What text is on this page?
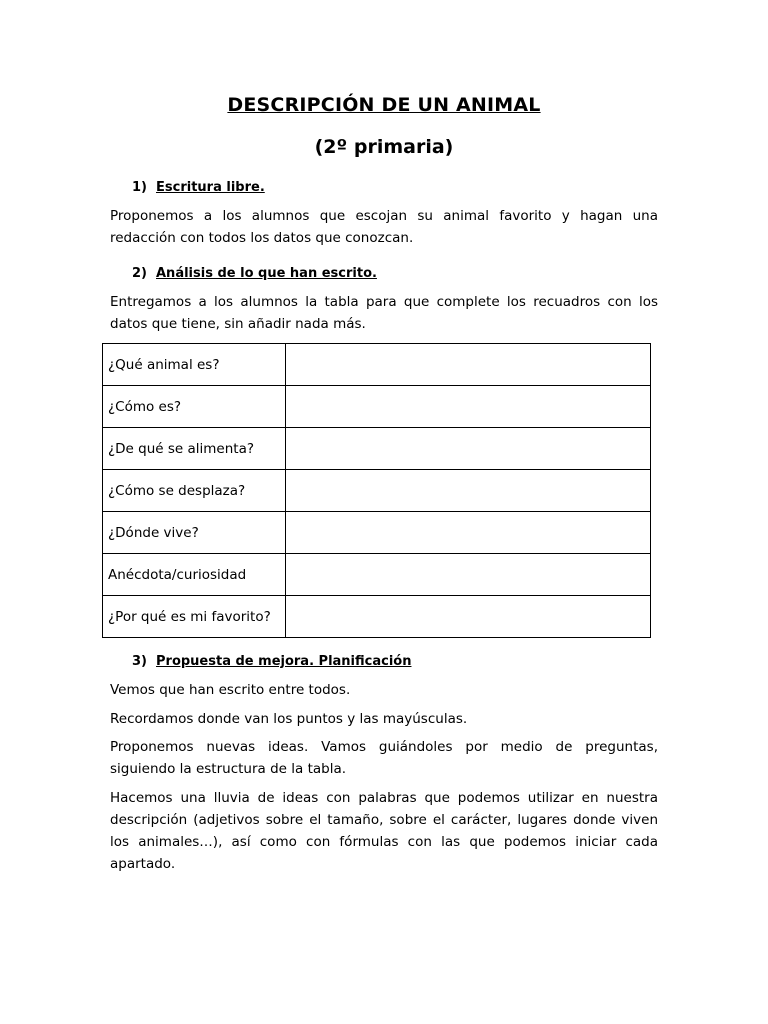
DESCRIPCIÓN DE UN ANIMAL
(2º primaria)
1) Escritura libre.
Proponemos a los alumnos que escojan su animal favorito y hagan una redacción con todos los datos que conozcan.
2) Análisis de lo que han escrito.
Entregamos a los alumnos la tabla para que complete los recuadros con los datos que tiene, sin añadir nada más.
¿Qué animal es?	
¿Cómo es?	
¿De qué se alimenta?	
¿Cómo se desplaza?	
¿Dónde vive?	
Anécdota/curiosidad	
¿Por qué es mi favorito?	
3) Propuesta de mejora. Planificación
Vemos que han escrito entre todos.
Recordamos donde van los puntos y las mayúsculas.
Proponemos nuevas ideas. Vamos guiándoles por medio de preguntas, siguiendo la estructura de la tabla.
Hacemos una lluvia de ideas con palabras que podemos utilizar en nuestra descripción (adjetivos sobre el tamaño, sobre el carácter, lugares donde viven los animales…), así como con fórmulas con las que podemos iniciar cada apartado.
